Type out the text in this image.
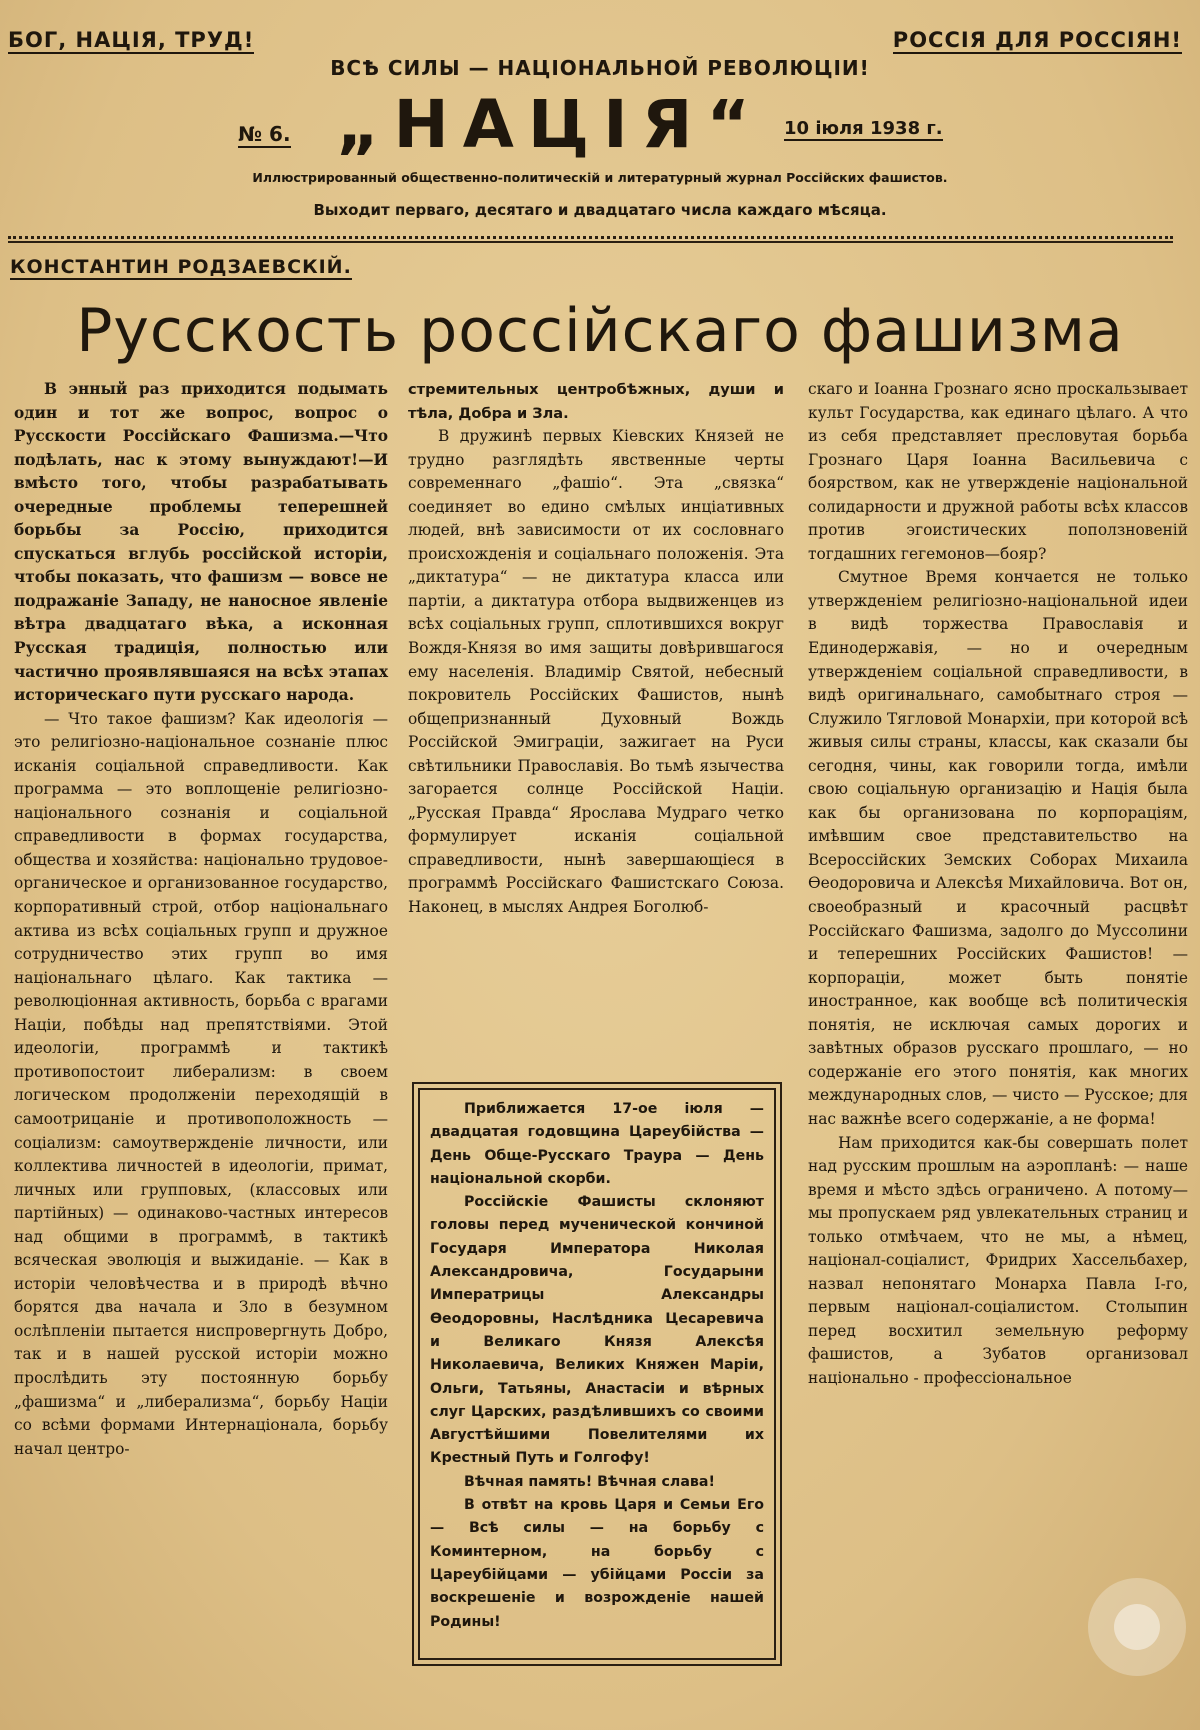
БОГ, НАЦІЯ, ТРУД!	РОССІЯ ДЛЯ РОССІЯН!
ВСѢ СИЛЫ — НАЦІОНАЛЬНОЙ РЕВОЛЮЦІИ!
№ 6. „НАЦІЯ“	10 іюля 1938 г.
Иллюстрированный общественно-политическій и литературный журнал Россійских фашистов.
Выходит перваго, десятаго и двадцатаго числа каждаго мѣсяца.
КОНСТАНТИН РОДЗАЕВСКІЙ.
Русскость россійскаго фашизма

В энный раз приходится подымать один и тот же вопрос, вопрос о Русскости Россійскаго Фашизма.—Что подѣлать, нас к этому вынуждают!—И вмѣсто того, чтобы разрабатывать очередные проблемы теперешней борьбы за Россію, приходится спускаться вглубь россійской исторіи, чтобы показать, что фашизм — вовсе не подражаніе Западу, не наносное явленіе вѣтра двадцатаго вѣка, а исконная Русская традиція, полностью или частично проявлявшаяся на всѣх этапах историческаго пути русскаго народа.

— Что такое фашизм? Как идеологія — это религіозно-національное сознаніе плюс исканія соціальной справедливости. Как программа — это воплощеніе религіозно-національного сознанія и соціальной справедливости в формах государства, общества и хозяйства: національно трудовое-органическое и организованное государство, корпоративный строй, отбор національнаго актива из всѣх соціальных групп и дружное сотрудничество этих групп во имя національнаго цѣлаго. Как тактика — революціонная активность, борьба с врагами Націи, побѣды над препятствіями. Этой идеологіи, программѣ и тактикѣ противопостоит либерализм: в своем логическом продолженіи переходящій в самоотрицаніе и противоположность — соціализм: самоутвержденіе личности, или коллектива личностей в идеологіи, примат, личных или групповых, (классовых или партійных) — одинаково-частных интересов над общими в программѣ, в тактикѣ всяческая эволюція и выжиданіе. — Как в исторіи человѣчества и в природѣ вѣчно борятся два начала и Зло в безумном ослѣпленіи пытается ниспровергнуть Добро, так и в нашей русской исторіи можно прослѣдить эту постоянную борьбу „фашизма“ и „либерализма“, борьбу Націи со всѣми формами Интернаціонала, борьбу начал центро-

стремительных центробѣжных, души и тѣла, Добра и Зла.

В дружинѣ первых Кіевских Князей не трудно разглядѣть явственные черты современнаго „фашіо“. Эта „связка“ соединяет во едино смѣлых инціативных людей, внѣ зависимости от их сословнаго происхожденія и соціальнаго положенія. Эта „диктатура“ — не диктатура класса или партіи, а диктатура отбора выдвиженцев из всѣх соціальных групп, сплотившихся вокруг Вождя-Князя во имя защиты довѣрившагося ему населенія. Владимір Святой, небесный покровитель Россійских Фашистов, нынѣ общепризнанный Духовный Вождь Россійской Эмиграціи, зажигает на Руси свѣтильники Православія. Во тьмѣ язычества загорается солнце Россійской Націи. „Русская Правда“ Ярослава Мудраго четко формулирует исканія соціальной справедливости, нынѣ завершающіеся в программѣ Россійскаго Фашистскаго Союза. Наконец, в мыслях Андрея Боголюб-

Приближается 17-ое іюля — двадцатая годовщина Цареубійства — День Обще-Русскаго Траура — День національной скорби.

Россійскіе Фашисты склоняют головы перед мученической кончиной Государя Императора Николая Александровича, Государыни Императрицы Александры Өеодоровны, Наслѣдника Цесаревича и Великаго Князя Алексѣя Николаевича, Великих Княжен Маріи, Ольги, Татьяны, Анастасіи и вѣрных слуг Царских, раздѣлившихъ со своими Августѣйшими Повелителями их Крестный Путь и Голгофу!

Вѣчная память! Вѣчная слава!

В отвѣт на кровь Царя и Семьи Его — Всѣ силы — на борьбу с Коминтерном, на борьбу с Цареубійцами — убійцами Россіи за воскрешеніе и возрожденіе нашей Родины!

скаго и Іоанна Грознаго ясно проскальзывает культ Государства, как единаго цѣлаго. А что из себя представляет пресловутая борьба Грознаго Царя Іоанна Васильевича с боярством, как не утвержденіе національной солидарности и дружной работы всѣх классов против эгоистических поползновеній тогдашних гегемонов—бояр?

Смутное Время кончается не только утвержденіем религіозно-національной идеи в видѣ торжества Православія и Единодержавія, — но и очередным утвержденіем соціальной справедливости, в видѣ оригинальнаго, самобытнаго строя — Служило Тягловой Монархіи, при которой всѣ живыя силы страны, классы, как сказали бы сегодня, чины, как говорили тогда, имѣли свою соціальную организацію и Нація была как бы организована по корпораціям, имѣвшим свое представительство на Всероссійских Земских Соборах Михаила Өеодоровича и Алексѣя Михайловича. Вот он, своеобразный и красочный расцвѣт Россійскаго Фашизма, задолго до Муссолини и теперешних Россійских Фашистов! — корпораціи, может быть понятіе иностранное, как вообще всѣ политическія понятія, не исключая самых дорогих и завѣтных образов русскаго прошлаго, — но содержаніе его этого понятія, как многих международных слов, — чисто — Русское; для нас важнѣе всего содержаніе, а не форма!

Нам приходится как-бы совершать полет над русским прошлым на аэропланѣ: — наше время и мѣсто здѣсь ограничено. А потому—мы пропускаем ряд увлекательных страниц и только отмѣчаем, что не мы, а нѣмец, націонал-соціалист, Фридрих Хассельбахер, назвал непонятаго Монарха Павла I-го, первым націонал-соціалистом. Столыпин перед восхитил земельную реформу фашистов, а Зубатов организовал національно - профессіональное
